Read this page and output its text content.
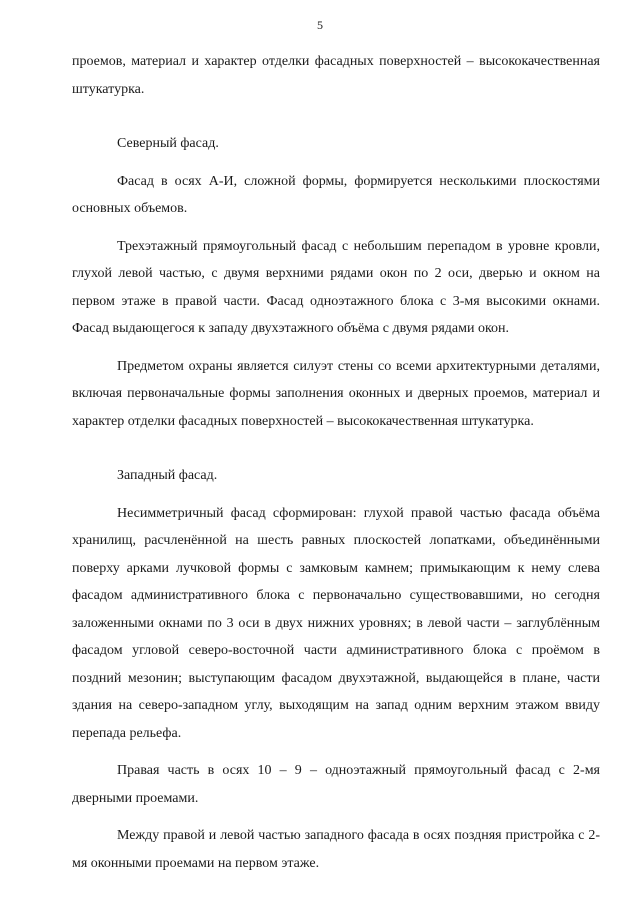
5

проемов, материал и характер отделки фасадных поверхностей – высококачественная штукатурка.

Северный фасад.

Фасад в осях А-И, сложной формы, формируется несколькими плоскостями основных объемов.

Трехэтажный прямоугольный фасад с небольшим перепадом в уровне кровли, глухой левой частью, с двумя верхними рядами окон по 2 оси, дверью и окном на первом этаже в правой части. Фасад одноэтажного блока с 3-мя высокими окнами. Фасад выдающегося к западу двухэтажного объёма с двумя рядами окон.

Предметом охраны является силуэт стены со всеми архитектурными деталями, включая первоначальные формы заполнения оконных и дверных проемов, материал и характер отделки фасадных поверхностей – высококачественная штукатурка.

Западный фасад.

Несимметричный фасад сформирован: глухой правой частью фасада объёма хранилищ, расчленённой на шесть равных плоскостей лопатками, объединёнными поверху арками лучковой формы с замковым камнем; примыкающим к нему слева фасадом административного блока с первоначально существовавшими, но сегодня заложенными окнами по 3 оси в двух нижних уровнях; в левой части – заглублённым фасадом угловой северо-восточной части административного блока с проёмом в поздний мезонин; выступающим фасадом двухэтажной, выдающейся в плане, части здания на северо-западном углу, выходящим на запад одним верхним этажом ввиду перепада рельефа.

Правая часть в осях 10 – 9 – одноэтажный прямоугольный фасад с 2-мя дверными проемами.

Между правой и левой частью западного фасада в осях поздняя пристройка с 2-мя оконными проемами на первом этаже.
